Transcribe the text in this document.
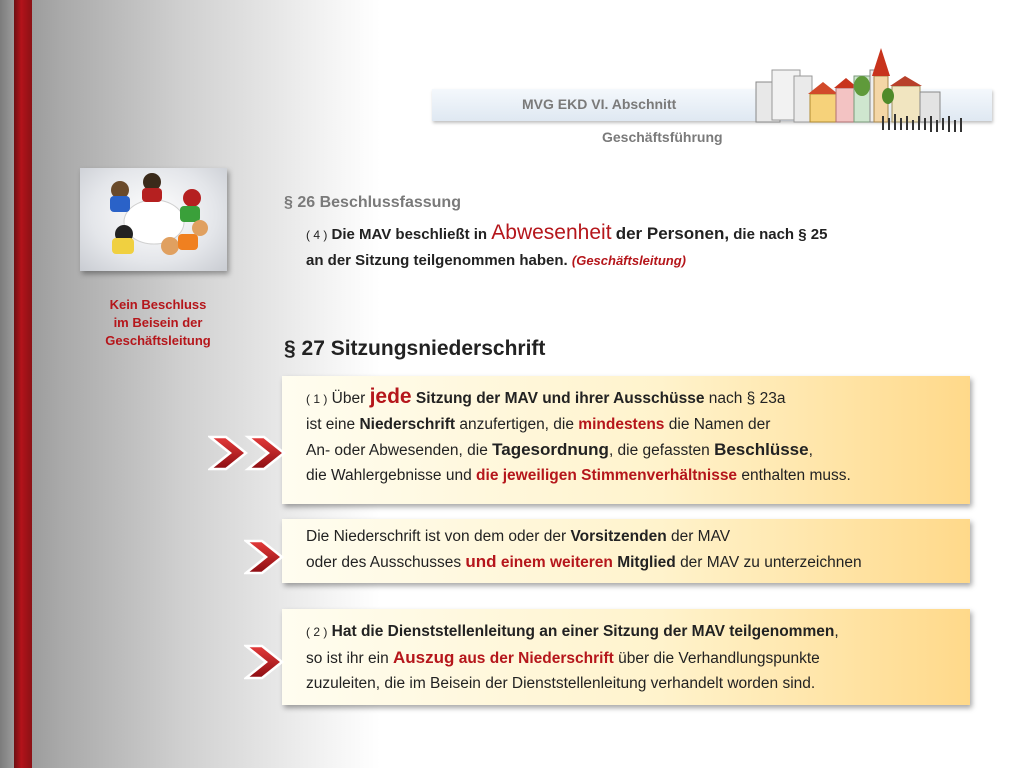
MVG EKD VI. Abschnitt
Geschäftsführung
Kein Beschluss
im Beisein der
Geschäftsleitung
§ 26 Beschlussfassung
( 4 ) Die MAV beschließt in Abwesenheit der Personen, die nach § 25
an der Sitzung teilgenommen haben. (Geschäftsleitung)
§ 27 Sitzungsniederschrift
( 1 ) Über jede Sitzung der MAV und ihrer Ausschüsse nach § 23a
ist eine Niederschrift anzufertigen, die mindestens die Namen der
An- oder Abwesenden, die Tagesordnung, die gefassten Beschlüsse,
die Wahlergebnisse und die jeweiligen Stimmenverhältnisse enthalten muss.
Die Niederschrift ist von dem oder der Vorsitzenden der MAV
oder des Ausschusses und einem weiteren Mitglied der MAV zu unterzeichnen
( 2 ) Hat die Dienststellenleitung an einer Sitzung der MAV teilgenommen,
so ist ihr ein Auszug aus der Niederschrift über die Verhandlungspunkte
zuzuleiten, die im Beisein der Dienststellenleitung verhandelt worden sind.
